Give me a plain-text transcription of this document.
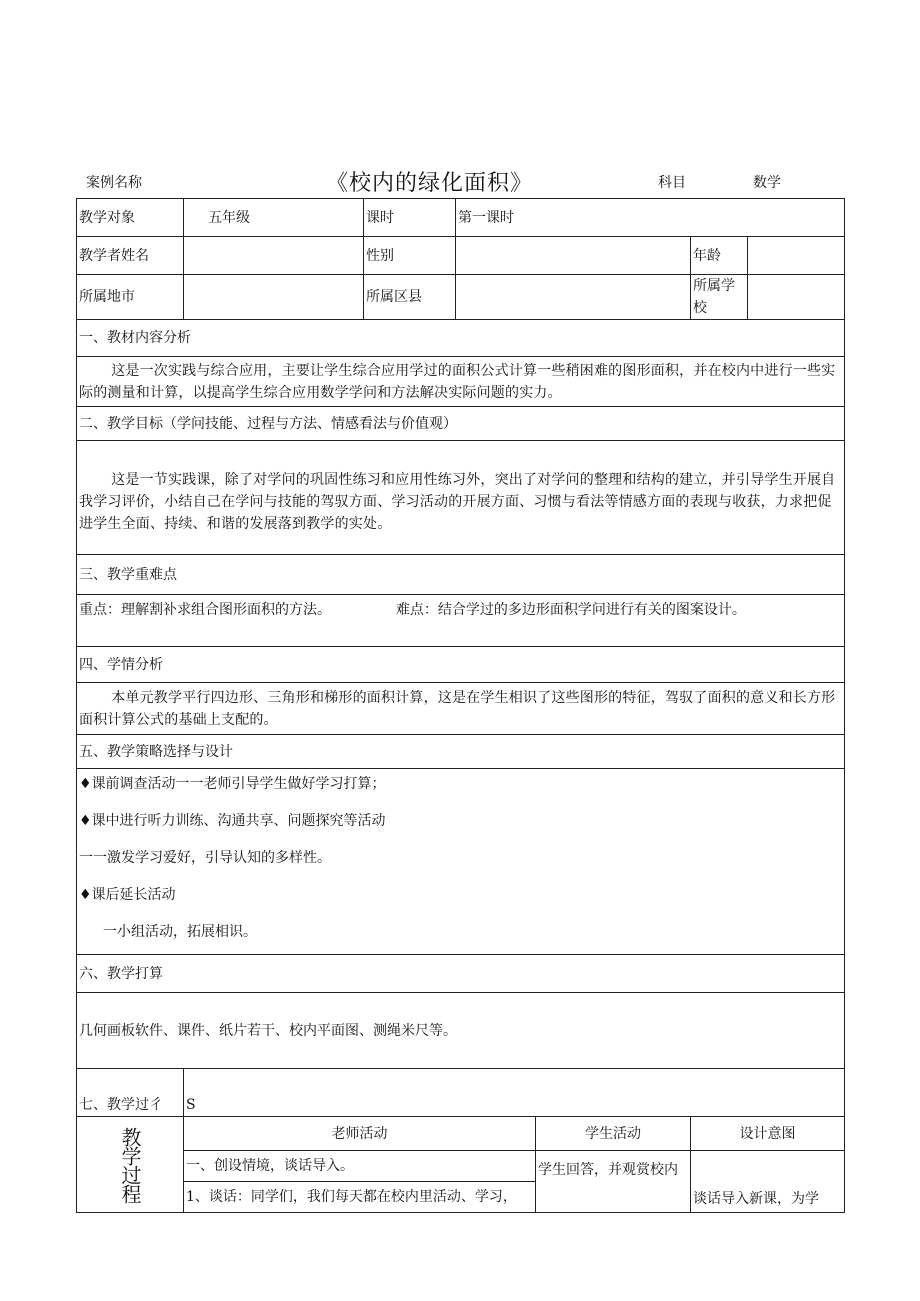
案例名称	《校内的绿化面积》	科目	数学
教学对象	五年级	课时	第一课时			
教学者姓名		性别			年龄	
所属地市		所属区县			所属学校	
一、教材内容分析						
这是一次实践与综合应用，主要让学生综合应用学过的面积公式计算一些稍困难的图形面积，并在校内中进行一些实际的测量和计算，以提高学生综合应用数学学问和方法解决实际问题的实力。						
二、教学目标（学问技能、过程与方法、情感看法与价值观）						
这是一节实践课，除了对学问的巩固性练习和应用性练习外，突出了对学问的整理和结构的建立，并引导学生开展自我学习评价，小结自己在学问与技能的驾驭方面、学习活动的开展方面、习惯与看法等情感方面的表现与收获，力求把促进学生全面、持续、和谐的发展落到教学的实处。						
三、教学重难点						
重点：理解割补求组合图形面积的方法。 难点：结合学过的多边形面积学问进行有关的图案设计。						
四、学情分析						
本单元教学平行四边形、三角形和梯形的面积计算，这是在学生相识了这些图形的特征，驾驭了面积的意义和长方形面积计算公式的基础上支配的。						
五、教学策略选择与设计						

♦课前调查活动一一老师引导学生做好学习打算；
♦课中进行听力训练、沟通共享、问题探究等活动
一一激发学习爱好，引导认知的多样性。
♦课后延长活动
一小组活动，拓展相识。						

六、教学打算						
几何画板软件、课件、纸片若干、校内平面图、测绳米尺等。						
七、教学过彳	S					

教学过程	老师活动			学生活动	设计意图	
	一、创设情境，谈话导入。			学生回答，并观赏校内	谈话导入新课，为学	
	1、谈话：同学们，我们每天都在校内里活动、学习，					
